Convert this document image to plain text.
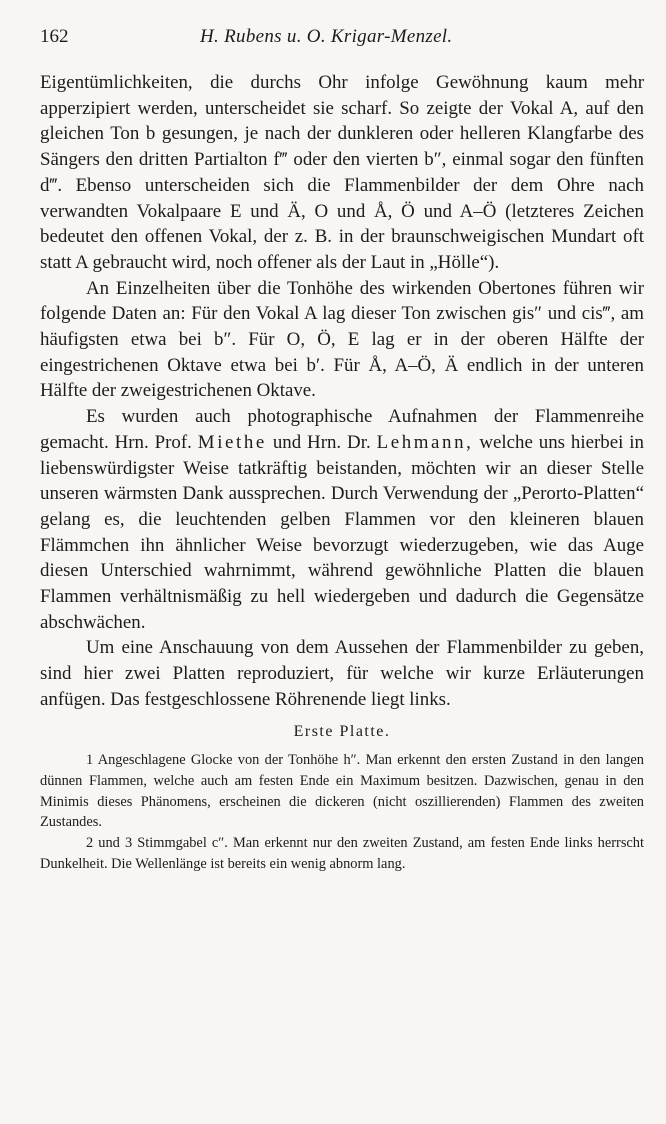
162	H. Rubens u. O. Krigar-Menzel.

Eigentümlichkeiten, die durchs Ohr infolge Gewöhnung kaum mehr apperzipiert werden, unterscheidet sie scharf. So zeigte der Vokal A, auf den gleichen Ton b gesungen, je nach der dunkleren oder helleren Klangfarbe des Sängers den dritten Partialton f‴ oder den vierten b″, einmal sogar den fünften d‴. Ebenso unterscheiden sich die Flammenbilder der dem Ohre nach verwandten Vokalpaare E und Ä, O und Å, Ö und A–Ö (letzteres Zeichen bedeutet den offenen Vokal, der z. B. in der braunschweigischen Mundart oft statt A gebraucht wird, noch offener als der Laut in „Hölle“).

An Einzelheiten über die Tonhöhe des wirkenden Obertones führen wir folgende Daten an: Für den Vokal A lag dieser Ton zwischen gis″ und cis‴, am häufigsten etwa bei b″. Für O, Ö, E lag er in der oberen Hälfte der eingestrichenen Oktave etwa bei b′. Für Å, A–Ö, Ä endlich in der unteren Hälfte der zweigestrichenen Oktave.

Es wurden auch photographische Aufnahmen der Flammenreihe gemacht. Hrn. Prof. Miethe und Hrn. Dr. Lehmann, welche uns hierbei in liebenswürdigster Weise tatkräftig beistanden, möchten wir an dieser Stelle unseren wärmsten Dank aussprechen. Durch Verwendung der „Perorto-Platten“ gelang es, die leuchtenden gelben Flammen vor den kleineren blauen Flämmchen ihn ähnlicher Weise bevorzugt wiederzugeben, wie das Auge diesen Unterschied wahrnimmt, während gewöhnliche Platten die blauen Flammen verhältnismäßig zu hell wiedergeben und dadurch die Gegensätze abschwächen.

Um eine Anschauung von dem Aussehen der Flammenbilder zu geben, sind hier zwei Platten reproduziert, für welche wir kurze Erläuterungen anfügen. Das festgeschlossene Röhrenende liegt links.

Erste Platte.

1 Angeschlagene Glocke von der Tonhöhe h″. Man erkennt den ersten Zustand in den langen dünnen Flammen, welche auch am festen Ende ein Maximum besitzen. Dazwischen, genau in den Minimis dieses Phänomens, erscheinen die dickeren (nicht oszillierenden) Flammen des zweiten Zustandes.

2 und 3 Stimmgabel c″. Man erkennt nur den zweiten Zustand, am festen Ende links herrscht Dunkelheit. Die Wellenlänge ist bereits ein wenig abnorm lang.
